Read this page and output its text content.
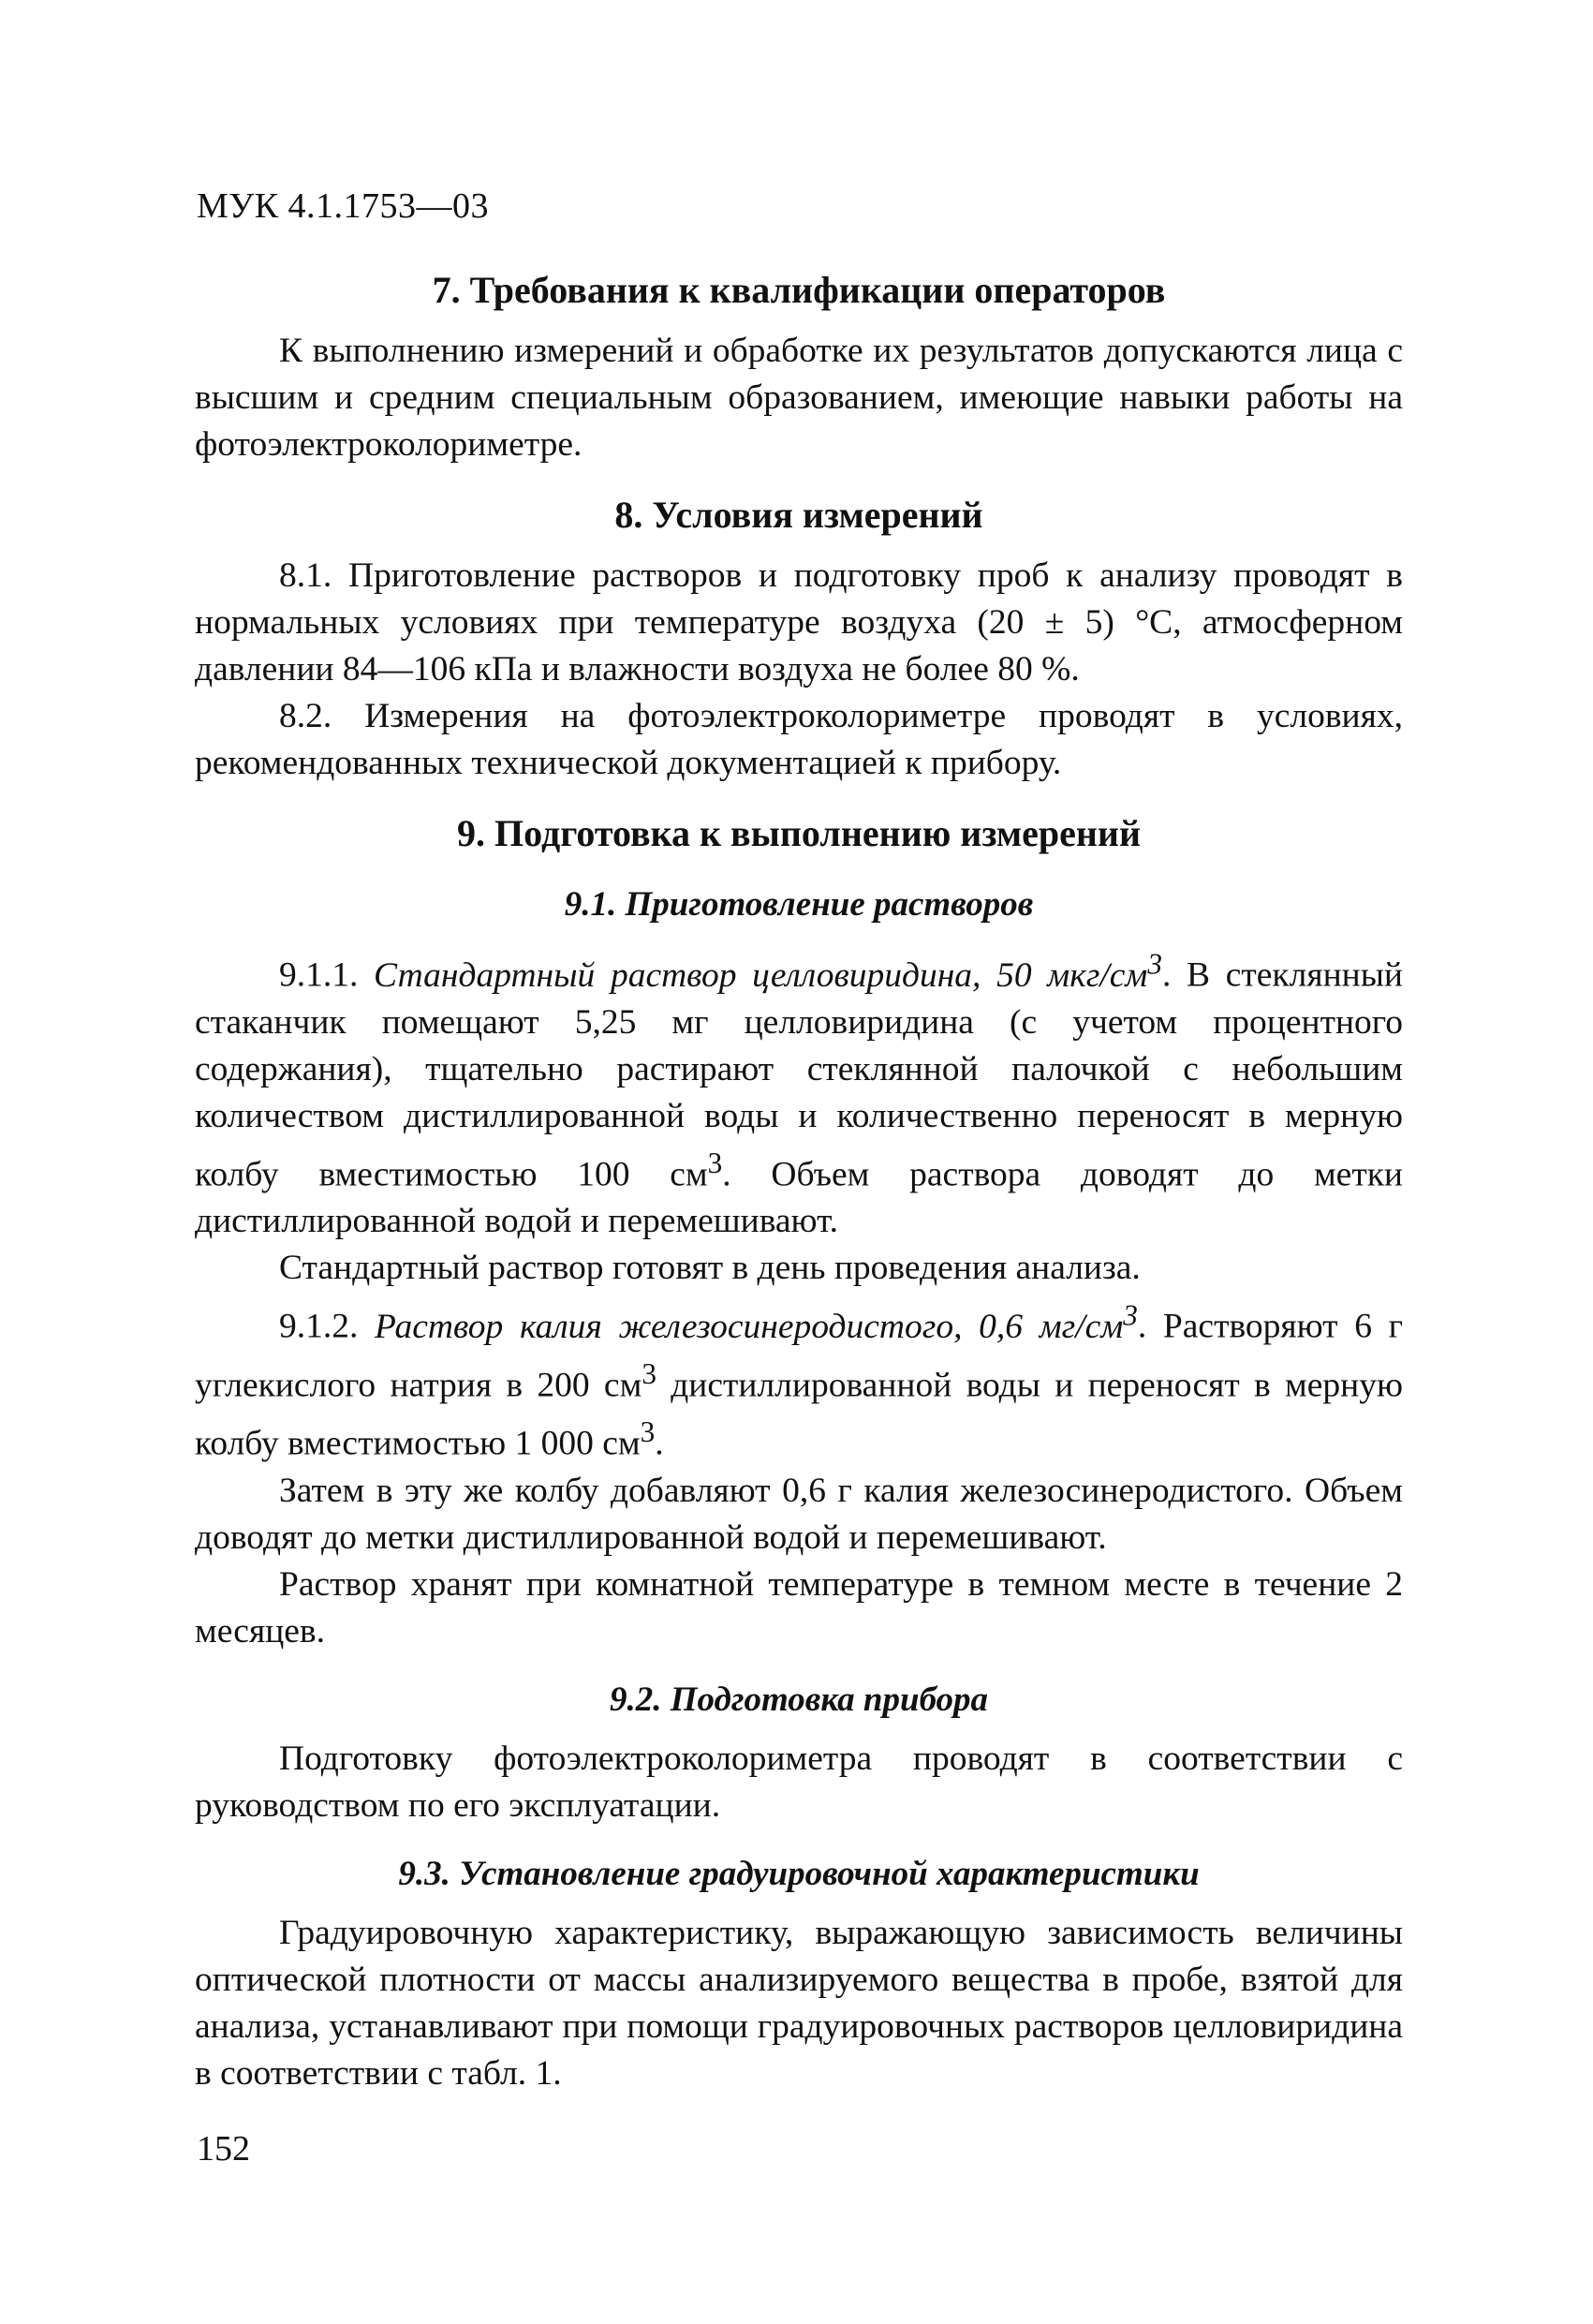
МУК 4.1.1753—03
7. Требования к квалификации операторов

К выполнению измерений и обработке их результатов допускаются лица с высшим и средним специальным образованием, имеющие навыки работы на фотоэлектроколориметре.

8. Условия измерений

8.1. Приготовление растворов и подготовку проб к анализу проводят в нормальных условиях при температуре воздуха (20 ± 5) °С, атмосферном давлении 84—106 кПа и влажности воздуха не более 80 %.

8.2. Измерения на фотоэлектроколориметре проводят в условиях, рекомендованных технической документацией к прибору.

9. Подготовка к выполнению измерений
9.1. Приготовление растворов

9.1.1. Стандартный раствор целловиридина, 50 мкг/$см^3$. В стеклянный стаканчик помещают 5,25 мг целловиридина (с учетом процентного содержания), тщательно растирают стеклянной палочкой с небольшим количеством дистиллированной воды и количественно переносят в мерную колбу вместимостью 100 $см^3$. Объем раствора доводят до метки дистиллированной водой и перемешивают.

Стандартный раствор готовят в день проведения анализа.

9.1.2. Раствор калия железосинеродистого, 0,6 $мг/см^3$. Растворяют 6 г углекислого натрия в 200 $см^3$ дистиллированной воды и переносят в мерную колбу вместимостью 1 000 $см^3$.

Затем в эту же колбу добавляют 0,6 г калия железосинеродистого. Объем доводят до метки дистиллированной водой и перемешивают.

Раствор хранят при комнатной температуре в темном месте в течение 2 месяцев.

9.2. Подготовка прибора

Подготовку фотоэлектроколориметра проводят в соответствии с руководством по его эксплуатации.

9.3. Установление градуировочной характеристики

Градуировочную характеристику, выражающую зависимость величины оптической плотности от массы анализируемого вещества в пробе, взятой для анализа, устанавливают при помощи градуировочных растворов целловиридина в соответствии с табл. 1.

152
